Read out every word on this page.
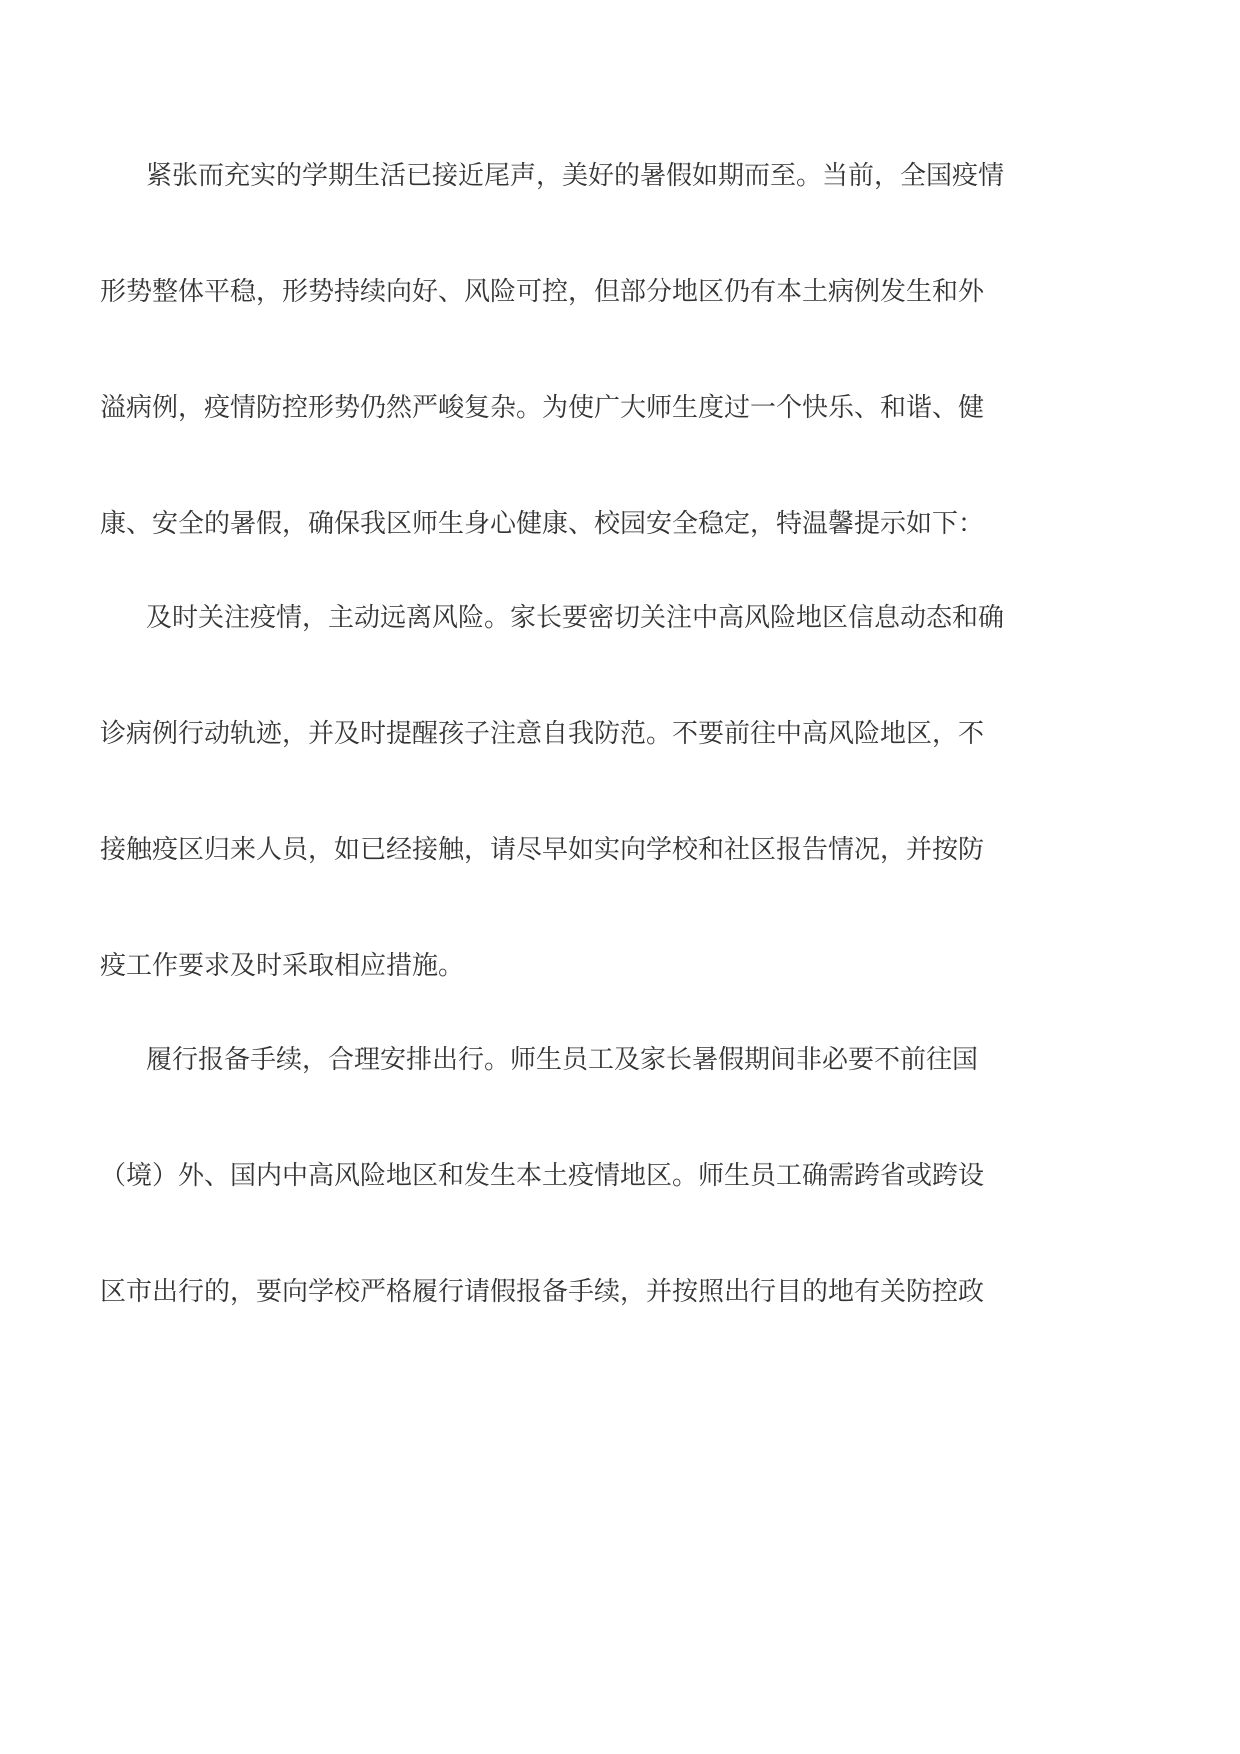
紧张而充实的学期生活已接近尾声，美好的暑假如期而至。当前，全国疫情

形势整体平稳，形势持续向好、风险可控，但部分地区仍有本土病例发生和外

溢病例，疫情防控形势仍然严峻复杂。为使广大师生度过一个快乐、和谐、健

康、安全的暑假，确保我区师生身心健康、校园安全稳定，特温馨提示如下：

及时关注疫情，主动远离风险。家长要密切关注中高风险地区信息动态和确

诊病例行动轨迹，并及时提醒孩子注意自我防范。不要前往中高风险地区，不

接触疫区归来人员，如已经接触，请尽早如实向学校和社区报告情况，并按防

疫工作要求及时采取相应措施。

履行报备手续，合理安排出行。师生员工及家长暑假期间非必要不前往国

（境）外、国内中高风险地区和发生本土疫情地区。师生员工确需跨省或跨设

区市出行的，要向学校严格履行请假报备手续，并按照出行目的地有关防控政
